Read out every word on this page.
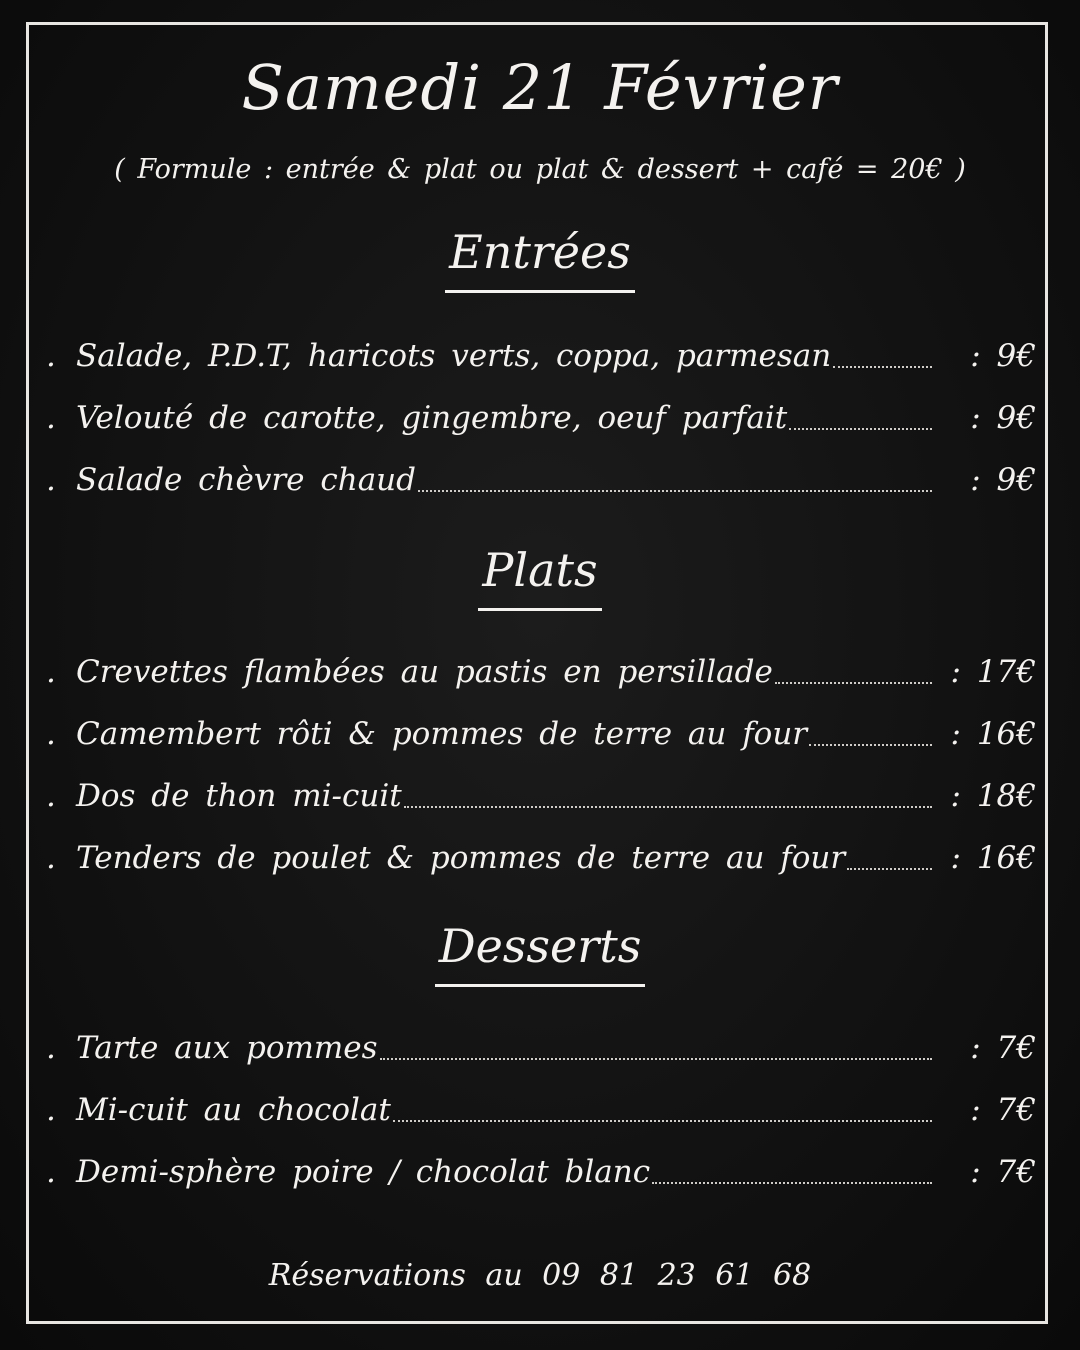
Samedi 21 Février
( Formule : entrée & plat ou plat & dessert + café = 20€ )
Entrées
. Salade, P.D.T, haricots verts, coppa, parmesan	: 9€
. Velouté de carotte, gingembre, oeuf parfait	: 9€
. Salade chèvre chaud	: 9€
Plats
. Crevettes flambées au pastis en persillade	: 17€
. Camembert rôti & pommes de terre au four	: 16€
. Dos de thon mi-cuit	: 18€
. Tenders de poulet & pommes de terre au four	: 16€
Desserts
. Tarte aux pommes	: 7€
. Mi-cuit au chocolat	: 7€
. Demi-sphère poire / chocolat blanc	: 7€
Réservations au 09 81 23 61 68
